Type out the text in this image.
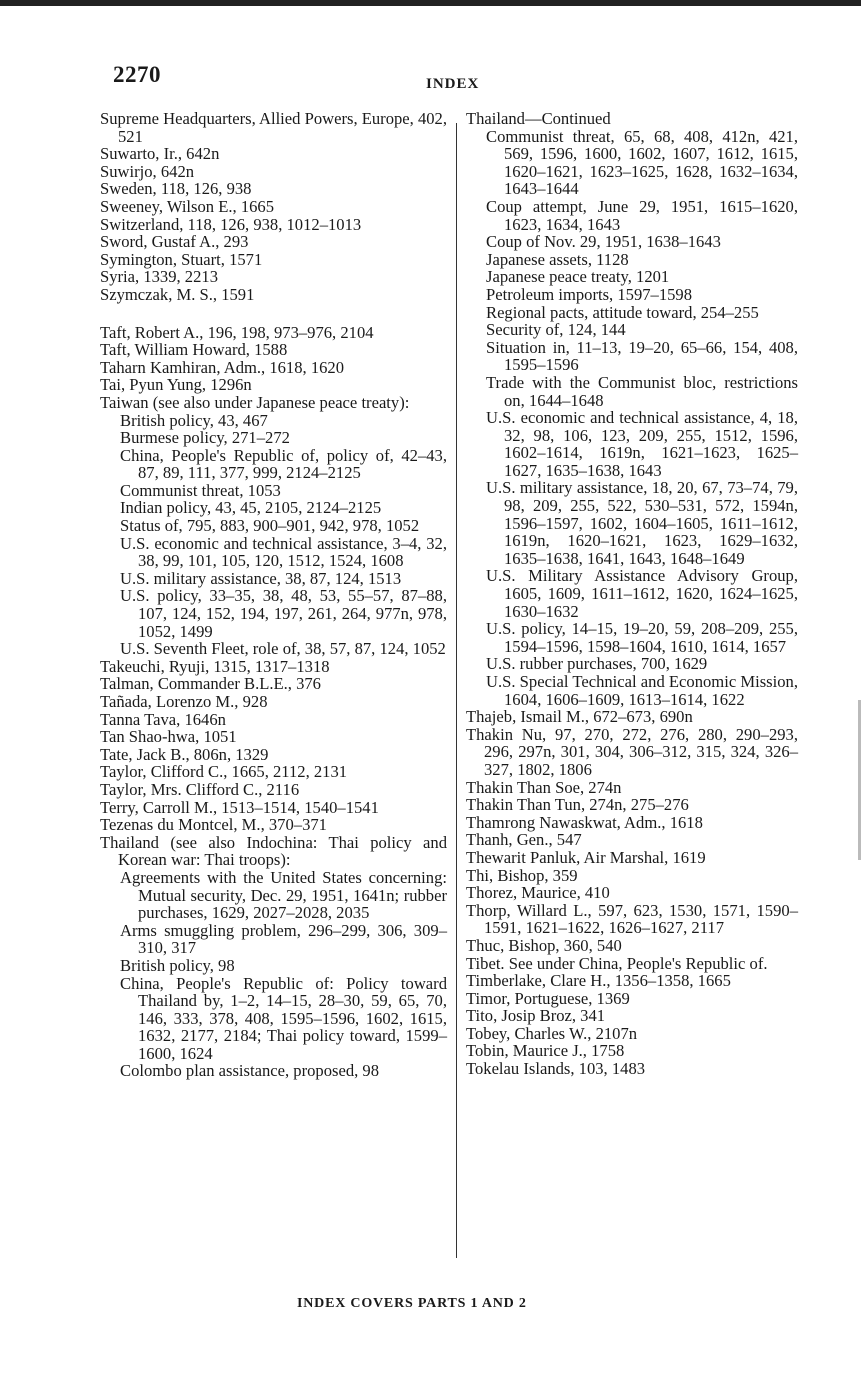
2270	INDEX
Supreme Headquarters, Allied Powers, Europe, 402, 521
Suwarto, Ir., 642n
Suwirjo, 642n
Sweden, 118, 126, 938
Sweeney, Wilson E., 1665
Switzerland, 118, 126, 938, 1012–1013
Sword, Gustaf A., 293
Symington, Stuart, 1571
Syria, 1339, 2213
Szymczak, M. S., 1591
Taft, Robert A., 196, 198, 973–976, 2104
Taft, William Howard, 1588
Taharn Kamhiran, Adm., 1618, 1620
Tai, Pyun Yung, 1296n
Taiwan (see also under Japanese peace treaty):
British policy, 43, 467
Burmese policy, 271–272
China, People's Republic of, policy of, 42–43, 87, 89, 111, 377, 999, 2124–2125
Communist threat, 1053
Indian policy, 43, 45, 2105, 2124–2125
Status of, 795, 883, 900–901, 942, 978, 1052
U.S. economic and technical assistance, 3–4, 32, 38, 99, 101, 105, 120, 1512, 1524, 1608
U.S. military assistance, 38, 87, 124, 1513
U.S. policy, 33–35, 38, 48, 53, 55–57, 87–88, 107, 124, 152, 194, 197, 261, 264, 977n, 978, 1052, 1499
U.S. Seventh Fleet, role of, 38, 57, 87, 124, 1052
Takeuchi, Ryuji, 1315, 1317–1318
Talman, Commander B.L.E., 376
Tañada, Lorenzo M., 928
Tanna Tava, 1646n
Tan Shao-hwa, 1051
Tate, Jack B., 806n, 1329
Taylor, Clifford C., 1665, 2112, 2131
Taylor, Mrs. Clifford C., 2116
Terry, Carroll M., 1513–1514, 1540–1541
Tezenas du Montcel, M., 370–371
Thailand (see also Indochina: Thai policy and Korean war: Thai troops):
Agreements with the United States concerning: Mutual security, Dec. 29, 1951, 1641n; rubber purchases, 1629, 2027–2028, 2035
Arms smuggling problem, 296–299, 306, 309–310, 317
British policy, 98
China, People's Republic of: Policy toward Thailand by, 1–2, 14–15, 28–30, 59, 65, 70, 146, 333, 378, 408, 1595–1596, 1602, 1615, 1632, 2177, 2184; Thai policy toward, 1599–1600, 1624
Colombo plan assistance, proposed, 98
Thailand—Continued
Communist threat, 65, 68, 408, 412n, 421, 569, 1596, 1600, 1602, 1607, 1612, 1615, 1620–1621, 1623–1625, 1628, 1632–1634, 1643–1644
Coup attempt, June 29, 1951, 1615–1620, 1623, 1634, 1643
Coup of Nov. 29, 1951, 1638–1643
Japanese assets, 1128
Japanese peace treaty, 1201
Petroleum imports, 1597–1598
Regional pacts, attitude toward, 254–255
Security of, 124, 144
Situation in, 11–13, 19–20, 65–66, 154, 408, 1595–1596
Trade with the Communist bloc, restrictions on, 1644–1648
U.S. economic and technical assistance, 4, 18, 32, 98, 106, 123, 209, 255, 1512, 1596, 1602–1614, 1619n, 1621–1623, 1625–1627, 1635–1638, 1643
U.S. military assistance, 18, 20, 67, 73–74, 79, 98, 209, 255, 522, 530–531, 572, 1594n, 1596–1597, 1602, 1604–1605, 1611–1612, 1619n, 1620–1621, 1623, 1629–1632, 1635–1638, 1641, 1643, 1648–1649
U.S. Military Assistance Advisory Group, 1605, 1609, 1611–1612, 1620, 1624–1625, 1630–1632
U.S. policy, 14–15, 19–20, 59, 208–209, 255, 1594–1596, 1598–1604, 1610, 1614, 1657
U.S. rubber purchases, 700, 1629
U.S. Special Technical and Economic Mission, 1604, 1606–1609, 1613–1614, 1622
Thajeb, Ismail M., 672–673, 690n
Thakin Nu, 97, 270, 272, 276, 280, 290–293, 296, 297n, 301, 304, 306–312, 315, 324, 326–327, 1802, 1806
Thakin Than Soe, 274n
Thakin Than Tun, 274n, 275–276
Thamrong Nawaskwat, Adm., 1618
Thanh, Gen., 547
Thewarit Panluk, Air Marshal, 1619
Thi, Bishop, 359
Thorez, Maurice, 410
Thorp, Willard L., 597, 623, 1530, 1571, 1590–1591, 1621–1622, 1626–1627, 2117
Thuc, Bishop, 360, 540
Tibet. See under China, People's Republic of.
Timberlake, Clare H., 1356–1358, 1665
Timor, Portuguese, 1369
Tito, Josip Broz, 341
Tobey, Charles W., 2107n
Tobin, Maurice J., 1758
Tokelau Islands, 103, 1483
INDEX COVERS PARTS 1 AND 2
